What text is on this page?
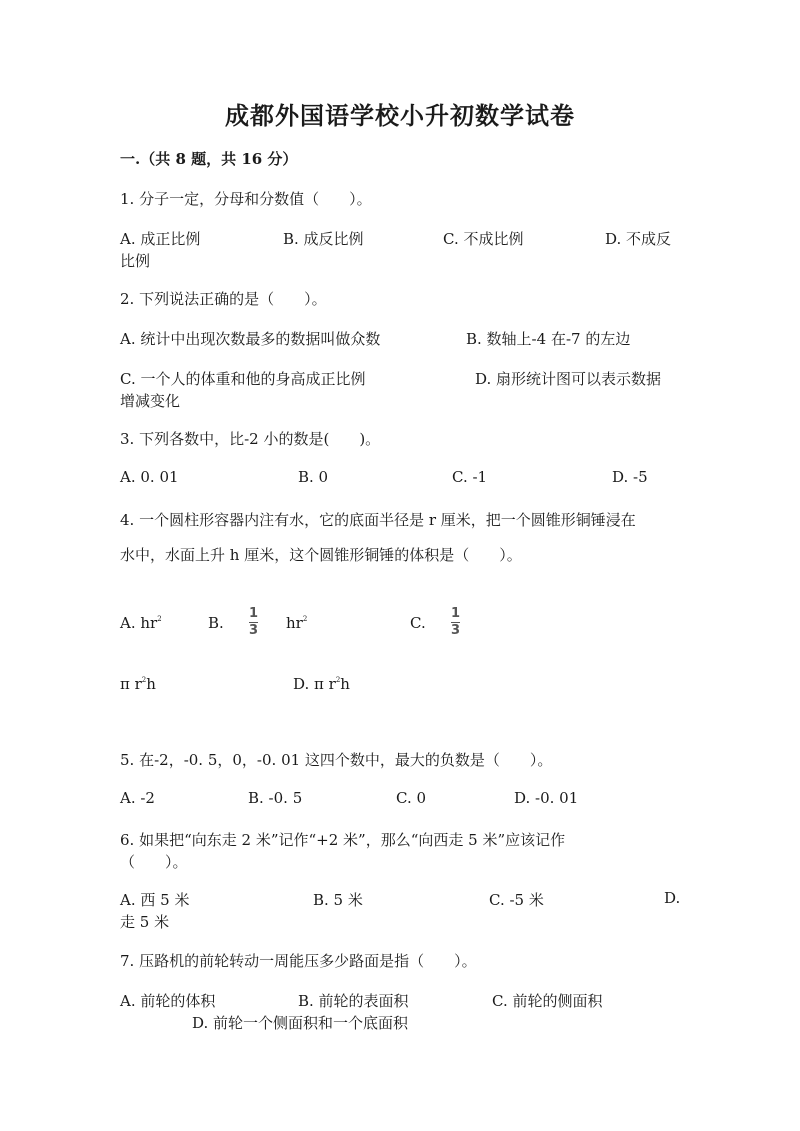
成都外国语学校小升初数学试卷
一.（共 8 题，共 16 分）
1. 分子一定，分母和分数值（　　）。
A. 成正比例	B. 成反比例	C. 不成比例	D. 不成反
比例
2. 下列说法正确的是（　　）。
A. 统计中出现次数最多的数据叫做众数	B. 数轴上-4 在-7 的左边
C. 一个人的体重和他的身高成正比例	D. 扇形统计图可以表示数据
增减变化
3. 下列各数中，比-2 小的数是(　　)。
A. 0. 01	B. 0	C. -1	D. -5
4. 一个圆柱形容器内注有水，它的底面半径是 r 厘米，把一个圆锥形铜锤浸在
水中，水面上升 h 厘米，这个圆锥形铜锤的体积是（　　）。
A. $hr^2$	B.
1
3 $hr^2$	C.
1
3
π $r^2h$	D. π $r^2h$
5. 在-2，-0. 5，0，-0. 01 这四个数中，最大的负数是（　　）。
A. -2	B. -0. 5	C. 0	D. -0. 01
6. 如果把“向东走 2 米”记作“+2 米”，那么“向西走 5 米”应该记作
（　　）。
A. 西 5 米	B. 5 米	C. -5 米	D.
走 5 米
7. 压路机的前轮转动一周能压多少路面是指（　　）。
A. 前轮的体积	B. 前轮的表面积	C. 前轮的侧面积
D. 前轮一个侧面积和一个底面积
